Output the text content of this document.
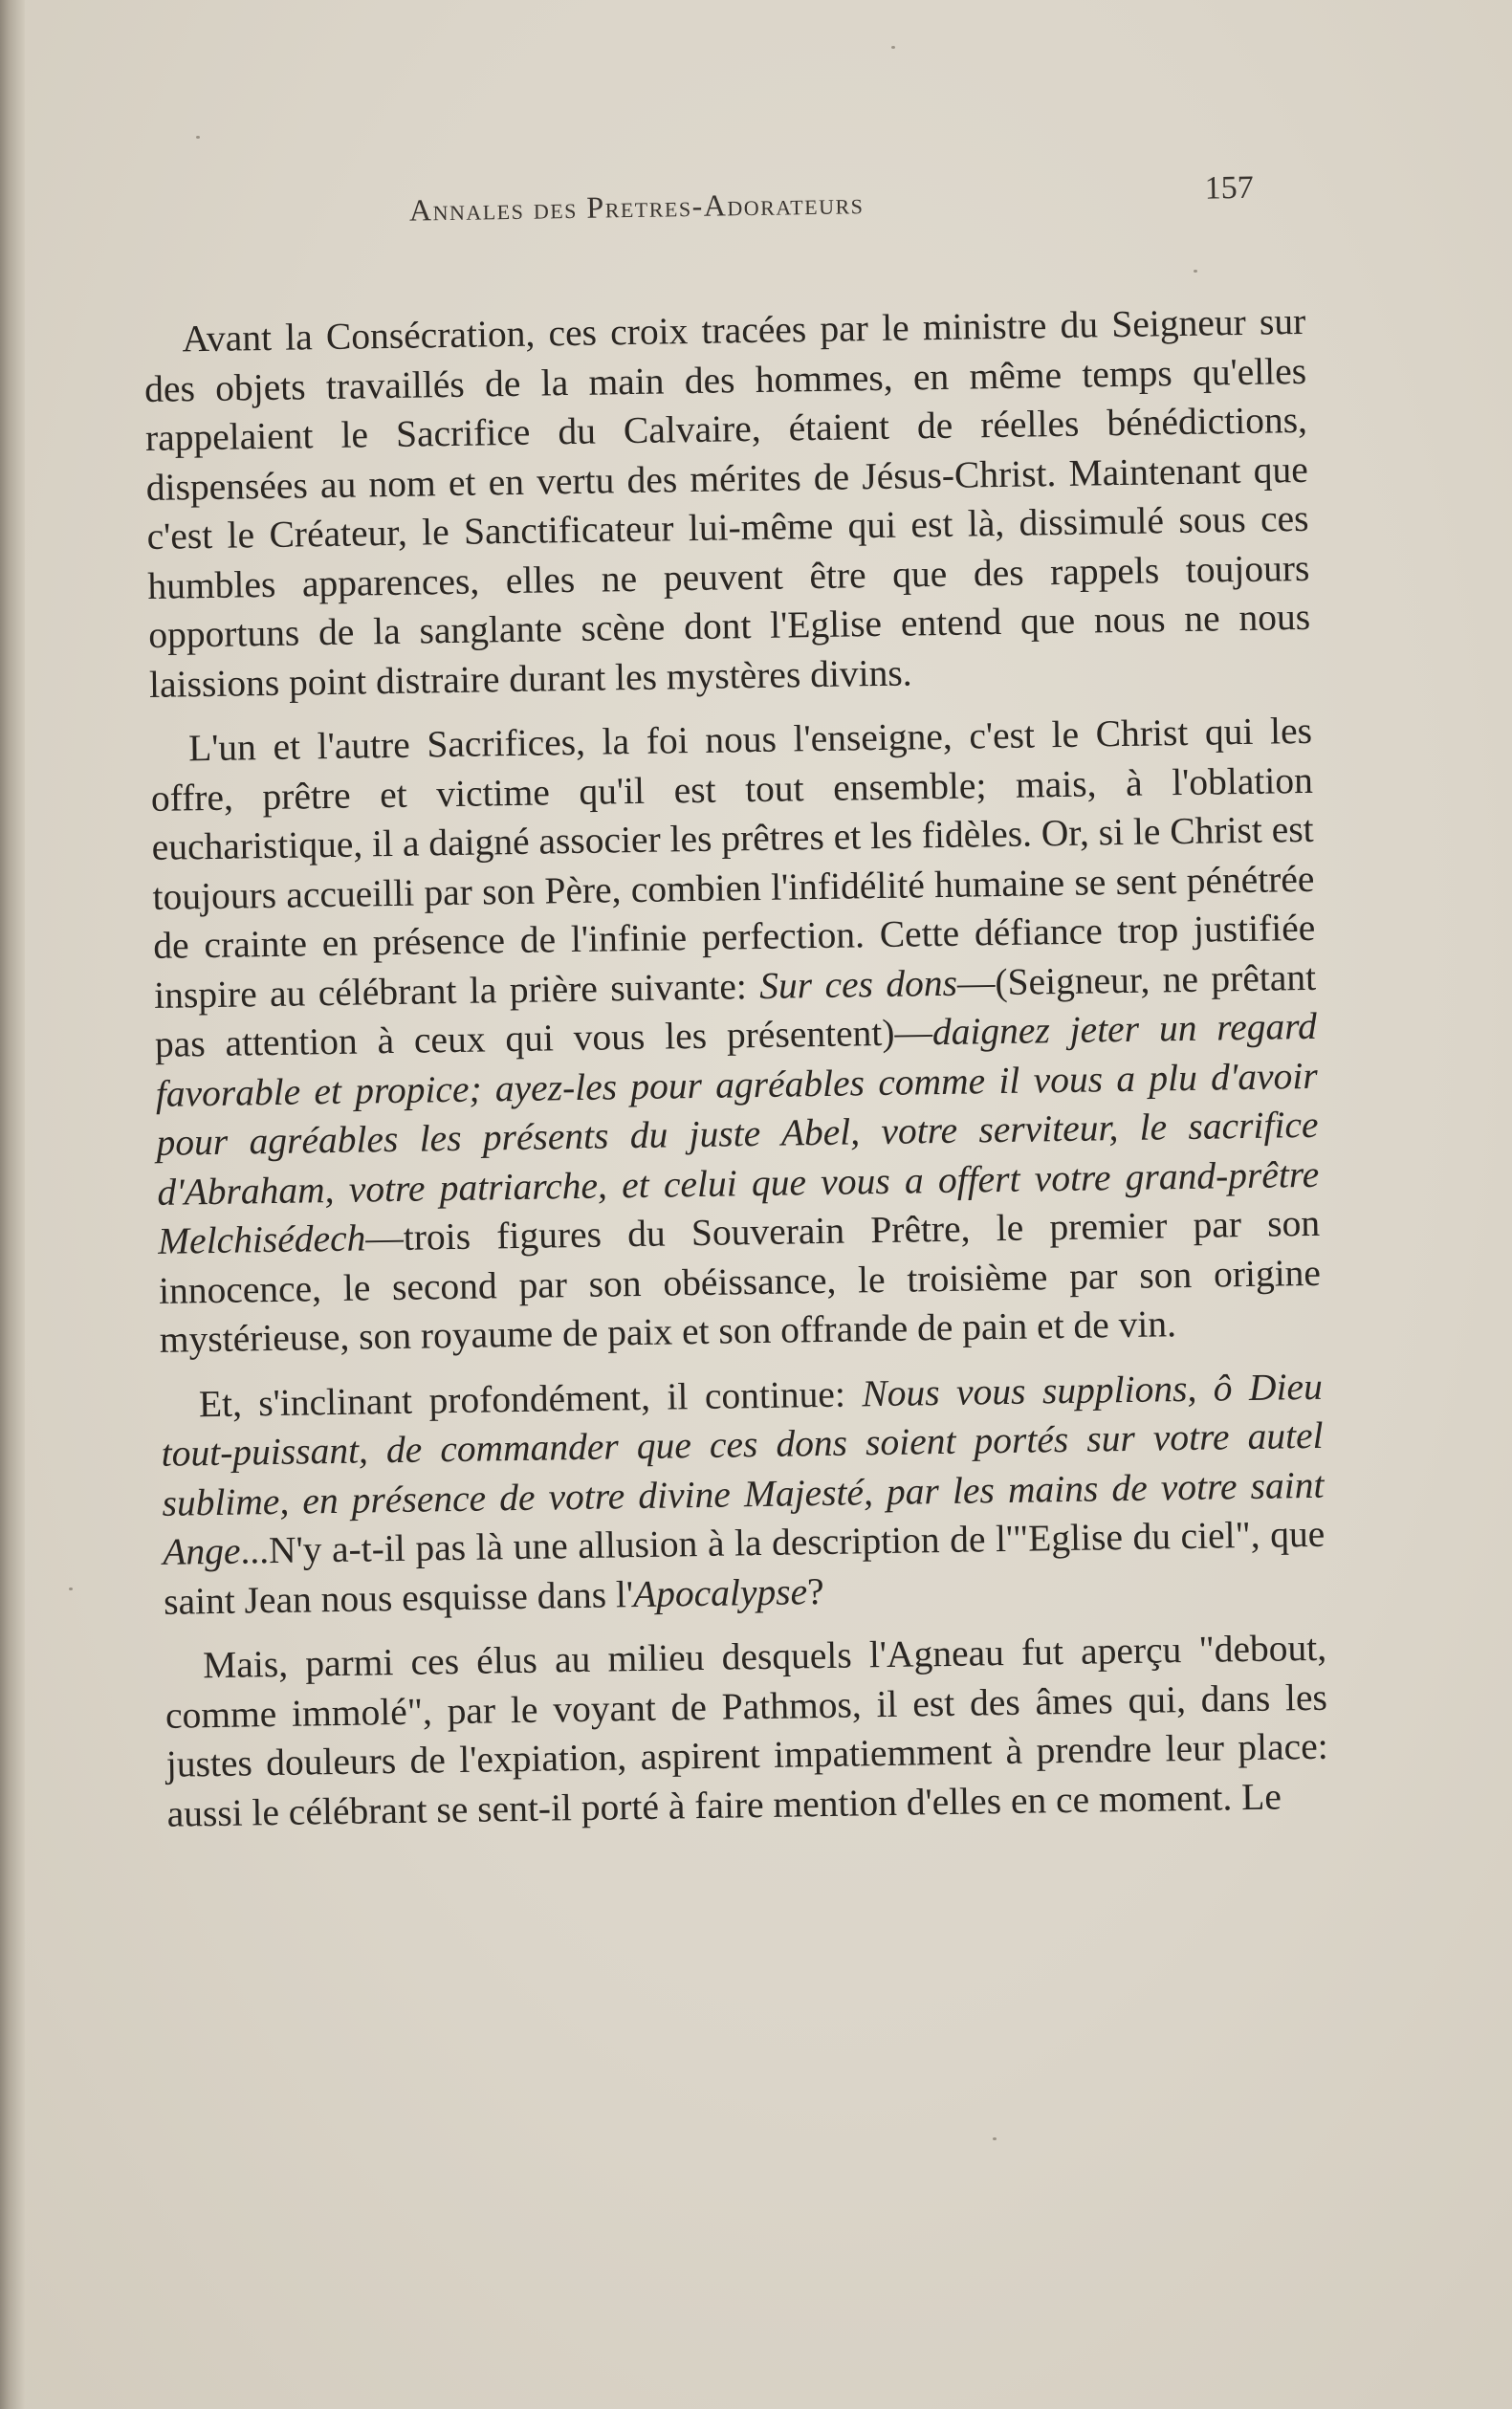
Annales des Pretres-Adorateurs	157

Avant la Consécration, ces croix tracées par le ministre du Seigneur sur des objets travaillés de la main des hommes, en même temps qu'elles rappelaient le Sacrifice du Calvaire, étaient de réelles bénédictions, dispensées au nom et en vertu des mérites de Jésus-Christ. Maintenant que c'est le Créateur, le Sanctificateur lui-même qui est là, dissimulé sous ces humbles apparences, elles ne peuvent être que des rappels toujours opportuns de la sanglante scène dont l'Eglise entend que nous ne nous laissions point distraire durant les mystères divins.

L'un et l'autre Sacrifices, la foi nous l'enseigne, c'est le Christ qui les offre, prêtre et victime qu'il est tout ensemble; mais, à l'oblation eucharistique, il a daigné associer les prêtres et les fidèles. Or, si le Christ est toujours accueilli par son Père, combien l'infidélité humaine se sent pénétrée de crainte en présence de l'infinie perfection. Cette défiance trop justifiée inspire au célébrant la prière suivante: Sur ces dons—(Seigneur, ne prêtant pas attention à ceux qui vous les présentent)—daignez jeter un regard favorable et propice; ayez-les pour agréables comme il vous a plu d'avoir pour agréables les présents du juste Abel, votre serviteur, le sacrifice d'Abraham, votre patriarche, et celui que vous a offert votre grand-prêtre Melchisédech—trois figures du Souverain Prêtre, le premier par son innocence, le second par son obéissance, le troisième par son origine mystérieuse, son royaume de paix et son offrande de pain et de vin.

Et, s'inclinant profondément, il continue: Nous vous supplions, ô Dieu tout-puissant, de commander que ces dons soient portés sur votre autel sublime, en présence de votre divine Majesté, par les mains de votre saint Ange...N'y a-t-il pas là une allusion à la description de l'"Eglise du ciel", que saint Jean nous esquisse dans l'Apocalypse?

Mais, parmi ces élus au milieu desquels l'Agneau fut aperçu "debout, comme immolé", par le voyant de Pathmos, il est des âmes qui, dans les justes douleurs de l'expiation, aspirent impatiemment à prendre leur place: aussi le célébrant se sent-il porté à faire mention d'elles en ce moment. Le
